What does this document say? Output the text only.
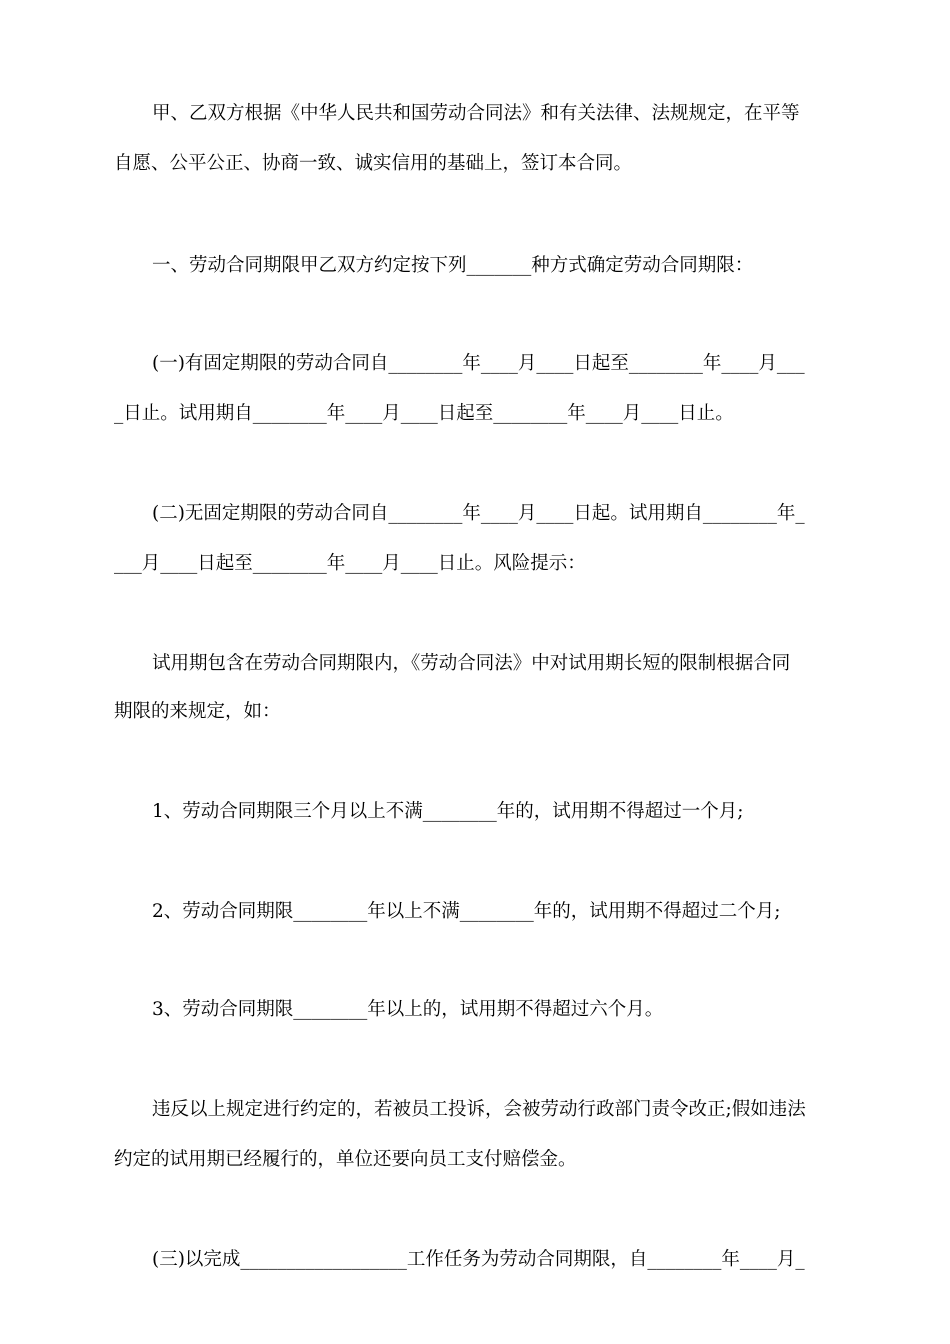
甲、乙双方根据《中华人民共和国劳动合同法》和有关法律、法规规定，在平等
自愿、公平公正、协商一致、诚实信用的基础上，签订本合同。
一、劳动合同期限甲乙双方约定按下列_______种方式确定劳动合同期限：
(一)有固定期限的劳动合同自________年____月____日起至________年____月___
_日止。试用期自________年____月____日起至________年____月____日止。
(二)无固定期限的劳动合同自________年____月____日起。试用期自________年_
___月____日起至________年____月____日止。风险提示：
试用期包含在劳动合同期限内，《劳动合同法》中对试用期长短的限制根据合同
期限的来规定，如：
1、劳动合同期限三个月以上不满________年的，试用期不得超过一个月;
2、劳动合同期限________年以上不满________年的，试用期不得超过二个月;
3、劳动合同期限________年以上的，试用期不得超过六个月。
违反以上规定进行约定的，若被员工投诉，会被劳动行政部门责令改正;假如违法
约定的试用期已经履行的，单位还要向员工支付赔偿金。
(三)以完成__________________工作任务为劳动合同期限，自________年____月_
